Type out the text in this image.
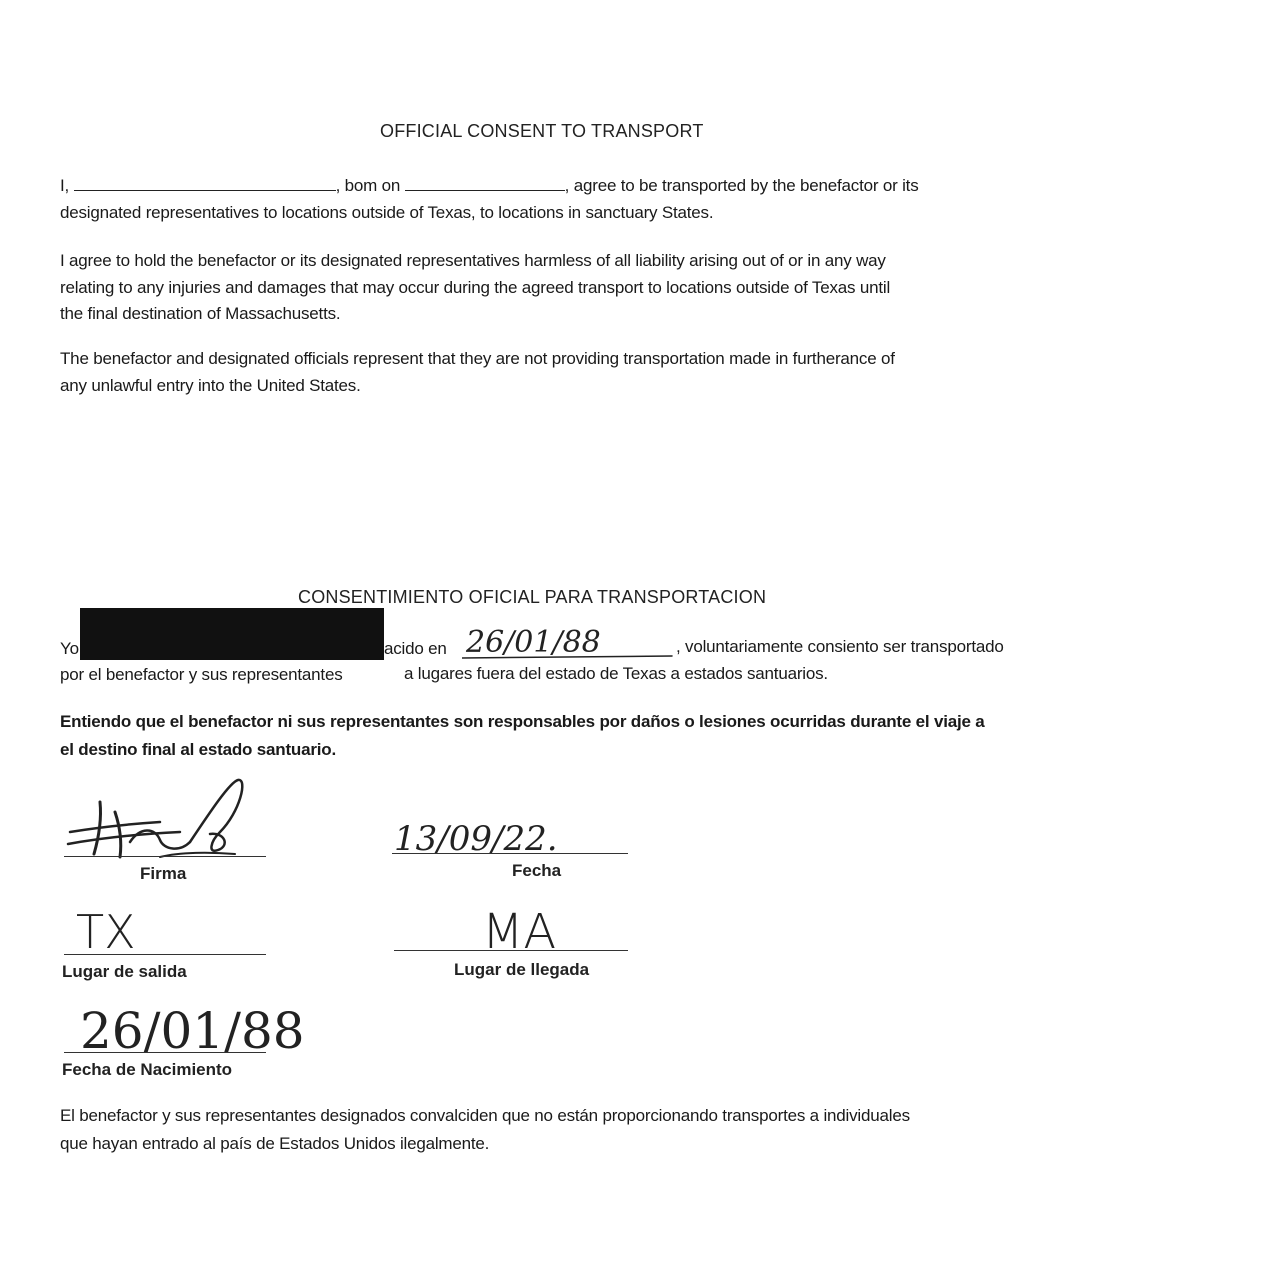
OFFICIAL CONSENT TO TRANSPORT
I,	, bom on	, agree to be transported by the benefactor or its
designated representatives to locations outside of Texas, to locations in sanctuary States.
I agree to hold the benefactor or its designated representatives harmless of all liability arising out of or in any way
relating to any injuries and damages that may occur during the agreed transport to locations outside of Texas until
the final destination of Massachusetts.
The benefactor and designated officials represent that they are not providing transportation made in furtherance of
any unlawful entry into the United States.
CONSENTIMIENTO OFICIAL PARA TRANSPORTACION
Yo	acido en 26/01/88	, voluntariamente consiento ser transportado
por el benefactor y sus representantes	a lugares fuera del estado de Texas a estados santuarios.
Entiendo que el benefactor ni sus representantes son responsables por daños o lesiones ocurridas durante el viaje a
el destino final al estado santuario.
Firma
13/09/22.
Fecha
TX
Lugar de salida
MA
Lugar de llegada
26/01/88
Fecha de Nacimiento
El benefactor y sus representantes designados convalciden que no están proporcionando transportes a individuales
que hayan entrado al país de Estados Unidos ilegalmente.
